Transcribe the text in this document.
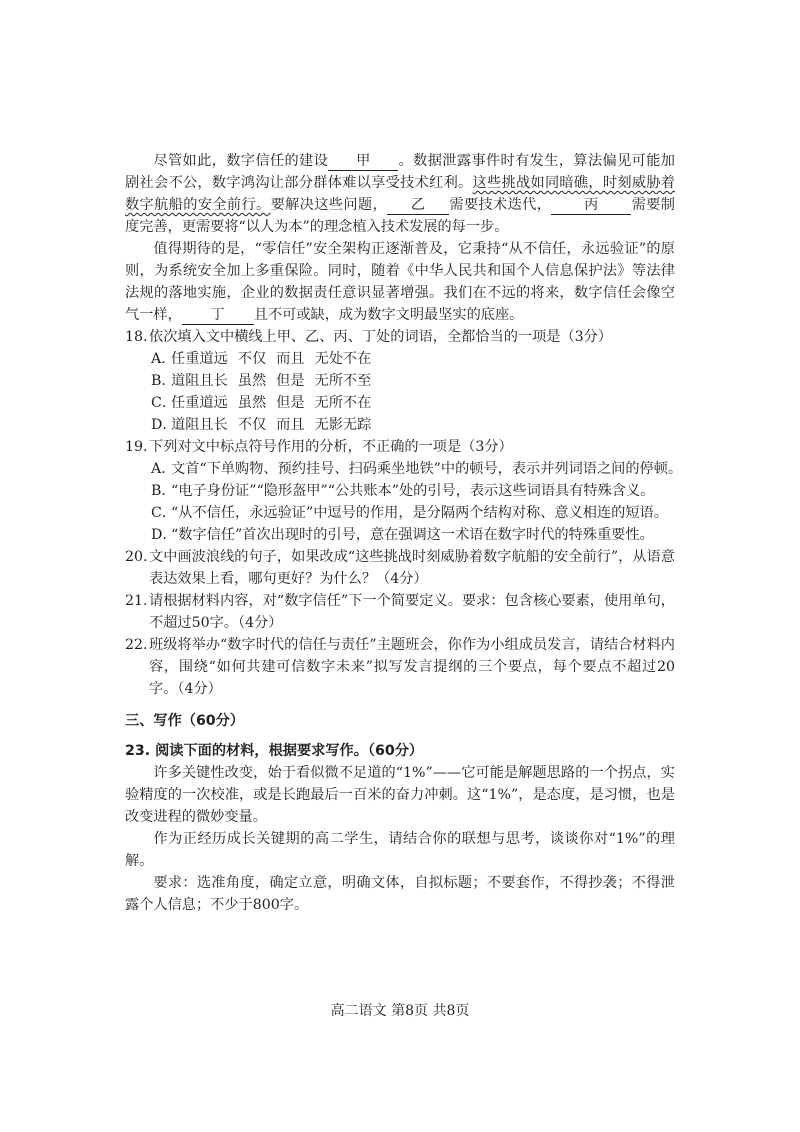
尽管如此，数字信任的建设 甲 。数据泄露事件时有发生，算法偏见可能加剧社会不公，数字鸿沟让部分群体难以享受技术红利。这些挑战如同暗礁，时刻威胁着数字航船的安全前行。要解决这些问题， 乙 需要技术迭代， 丙 需要制度完善，更需要将“以人为本”的理念植入技术发展的每一步。

值得期待的是，“零信任”安全架构正逐渐普及，它秉持“从不信任，永远验证”的原则，为系统安全加上多重保险。同时，随着《中华人民共和国个人信息保护法》等法律法规的落地实施，企业的数据责任意识显著增强。我们在不远的将来，数字信任会像空气一样， 丁 且不可或缺，成为数字文明最坚实的底座。

18. 依次填入文中横线上甲、乙、丙、丁处的词语，全都恰当的一项是（3分）
A．任重道远 不仅 而且 无处不在
B．道阻且长 虽然 但是 无所不至
C．任重道远 虽然 但是 无所不在
D．道阻且长 不仅 而且 无影无踪
19. 下列对文中标点符号作用的分析，不正确的一项是（3分）
A．文首“下单购物、预约挂号、扫码乘坐地铁”中的顿号，表示并列词语之间的停顿。
B．“电子身份证”“隐形盔甲”“公共账本”处的引号，表示这些词语具有特殊含义。
C．“从不信任，永远验证”中逗号的作用，是分隔两个结构对称、意义相连的短语。
D．“数字信任”首次出现时的引号，意在强调这一术语在数字时代的特殊重要性。
20. 文中画波浪线的句子，如果改成“这些挑战时刻威胁着数字航船的安全前行”，从语意表达效果上看，哪句更好？为什么？（4分）
21. 请根据材料内容，对“数字信任”下一个简要定义。要求：包含核心要素，使用单句，不超过50字。（4分）
22. 班级将举办“数字时代的信任与责任”主题班会，你作为小组成员发言，请结合材料内容，围绕“如何共建可信数字未来”拟写发言提纲的三个要点，每个要点不超过20字。（4分）
三、写作（60分）
23. 阅读下面的材料，根据要求写作。（60分）

许多关键性改变，始于看似微不足道的“1%”——它可能是解题思路的一个拐点，实验精度的一次校准，或是长跑最后一百米的奋力冲刺。这“1%”，是态度，是习惯，也是改变进程的微妙变量。

作为正经历成长关键期的高二学生，请结合你的联想与思考，谈谈你对“1%”的理解。

要求：选准角度，确定立意，明确文体，自拟标题；不要套作，不得抄袭；不得泄露个人信息；不少于800字。

高二语文 第8页 共8页
